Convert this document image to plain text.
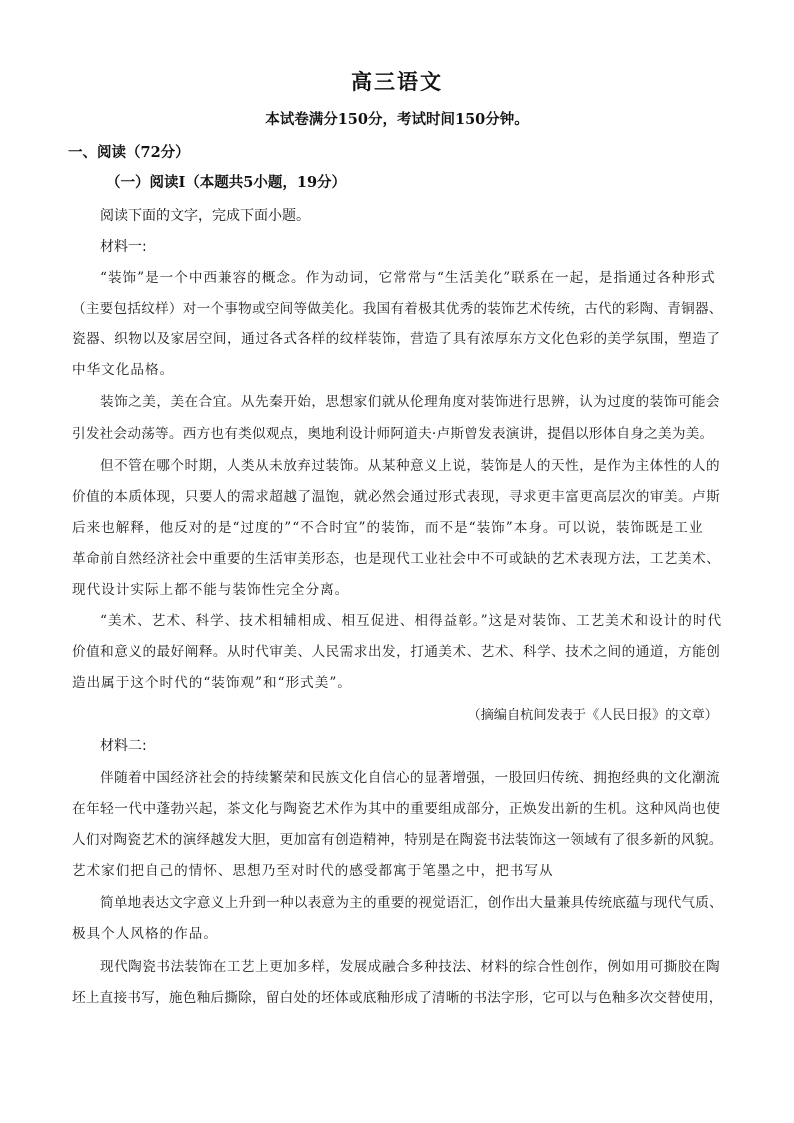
高三语文
本试卷满分150分，考试时间150分钟。
一、阅读（72分）
（一）阅读Ⅰ（本题共5小题，19分）
阅读下面的文字，完成下面小题。
材料一:
“装饰”是一个中西兼容的概念。作为动词，它常常与“生活美化”联系在一起，是指通过各种形式
（主要包括纹样）对一个事物或空间等做美化。我国有着极其优秀的装饰艺术传统，古代的彩陶、青铜器、
瓷器、织物以及家居空间，通过各式各样的纹样装饰，营造了具有浓厚东方文化色彩的美学氛围，塑造了
中华文化品格。
装饰之美，美在合宜。从先秦开始，思想家们就从伦理角度对装饰进行思辨，认为过度的装饰可能会
引发社会动荡等。西方也有类似观点，奥地利设计师阿道夫·卢斯曾发表演讲，提倡以形体自身之美为美。
但不管在哪个时期，人类从未放弃过装饰。从某种意义上说，装饰是人的天性，是作为主体性的人的
价值的本质体现，只要人的需求超越了温饱，就必然会通过形式表现，寻求更丰富更高层次的审美。卢斯
后来也解释，他反对的是“过度的”“不合时宜”的装饰，而不是“装饰”本身。可以说，装饰既是工业
革命前自然经济社会中重要的生活审美形态，也是现代工业社会中不可或缺的艺术表现方法，工艺美术、
现代设计实际上都不能与装饰性完全分离。
“美术、艺术、科学、技术相辅相成、相互促进、相得益彰。”这是对装饰、工艺美术和设计的时代
价值和意义的最好阐释。从时代审美、人民需求出发，打通美术、艺术、科学、技术之间的通道，方能创
造出属于这个时代的“装饰观”和“形式美”。
（摘编自杭间发表于《人民日报》的文章）
材料二:
伴随着中国经济社会的持续繁荣和民族文化自信心的显著增强，一股回归传统、拥抱经典的文化潮流
在年轻一代中蓬勃兴起，茶文化与陶瓷艺术作为其中的重要组成部分，正焕发出新的生机。这种风尚也使
人们对陶瓷艺术的演绎越发大胆，更加富有创造精神，特别是在陶瓷书法装饰这一领域有了很多新的风貌。
艺术家们把自己的情怀、思想乃至对时代的感受都寓于笔墨之中，把书写从
简单地表达文字意义上升到一种以表意为主的重要的视觉语汇，创作出大量兼具传统底蕴与现代气质、
极具个人风格的作品。
现代陶瓷书法装饰在工艺上更加多样，发展成融合多种技法、材料的综合性创作，例如用可撕胶在陶
坯上直接书写，施色釉后撕除，留白处的坯体或底釉形成了清晰的书法字形，它可以与色釉多次交替使用，
